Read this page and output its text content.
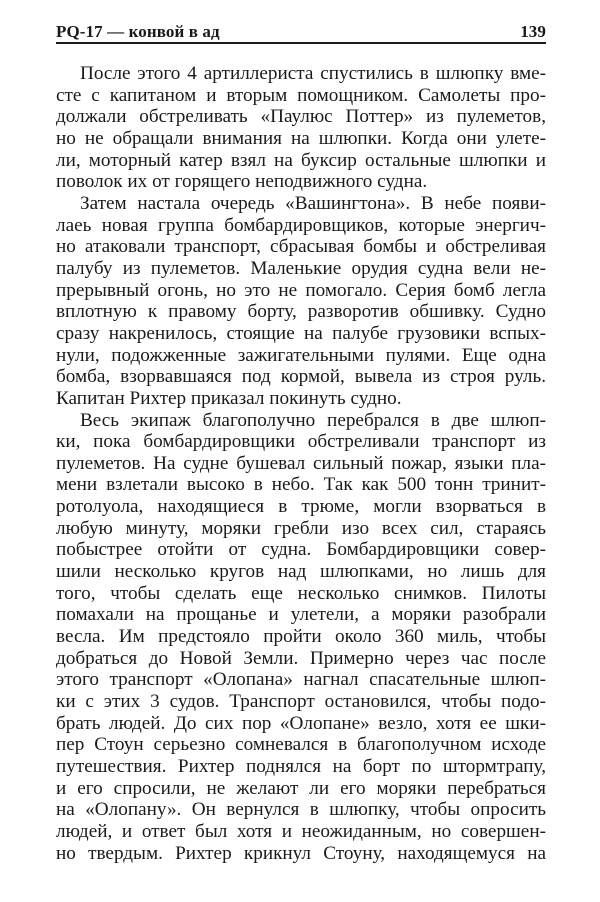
PQ-17 — конвой в ад	139
После этого 4 артиллериста спустились в шлюпку вме-
сте с капитаном и вторым помощником. Самолеты про-
должали обстреливать «Паулюс Поттер» из пулеметов,
но не обращали внимания на шлюпки. Когда они улете-
ли, моторный катер взял на буксир остальные шлюпки и
поволок их от горящего неподвижного судна.
Затем настала очередь «Вашингтона». В небе появи-
лаеь новая группа бомбардировщиков, которые энергич-
но атаковали транспорт, сбрасывая бомбы и обстреливая
палубу из пулеметов. Маленькие орудия судна вели не-
прерывный огонь, но это не помогало. Серия бомб легла
вплотную к правому борту, разворотив обшивку. Судно
сразу накренилось, стоящие на палубе грузовики вспых-
нули, подожженные зажигательными пулями. Еще одна
бомба, взорвавшаяся под кормой, вывела из строя руль.
Капитан Рихтер приказал покинуть судно.
Весь экипаж благополучно перебрался в две шлюп-
ки, пока бомбардировщики обстреливали транспорт из
пулеметов. На судне бушевал сильный пожар, языки пла-
мени взлетали высоко в небо. Так как 500 тонн тринит-
ротолуола, находящиеся в трюме, могли взорваться в
любую минуту, моряки гребли изо всех сил, стараясь
побыстрее отойти от судна. Бомбардировщики совер-
шили несколько кругов над шлюпками, но лишь для
того, чтобы сделать еще несколько снимков. Пилоты
помахали на прощанье и улетели, а моряки разобрали
весла. Им предстояло пройти около 360 миль, чтобы
добраться до Новой Земли. Примерно через час после
этого транспорт «Олопана» нагнал спасательные шлюп-
ки с этих 3 судов. Транспорт остановился, чтобы подо-
брать людей. До сих пор «Олопане» везло, хотя ее шки-
пер Стоун серьезно сомневался в благополучном исходе
путешествия. Рихтер поднялся на борт по штормтрапу,
и его спросили, не желают ли его моряки перебраться
на «Олопану». Он вернулся в шлюпку, чтобы опросить
людей, и ответ был хотя и неожиданным, но совершен-
но твердым. Рихтер крикнул Стоуну, находящемуся на
